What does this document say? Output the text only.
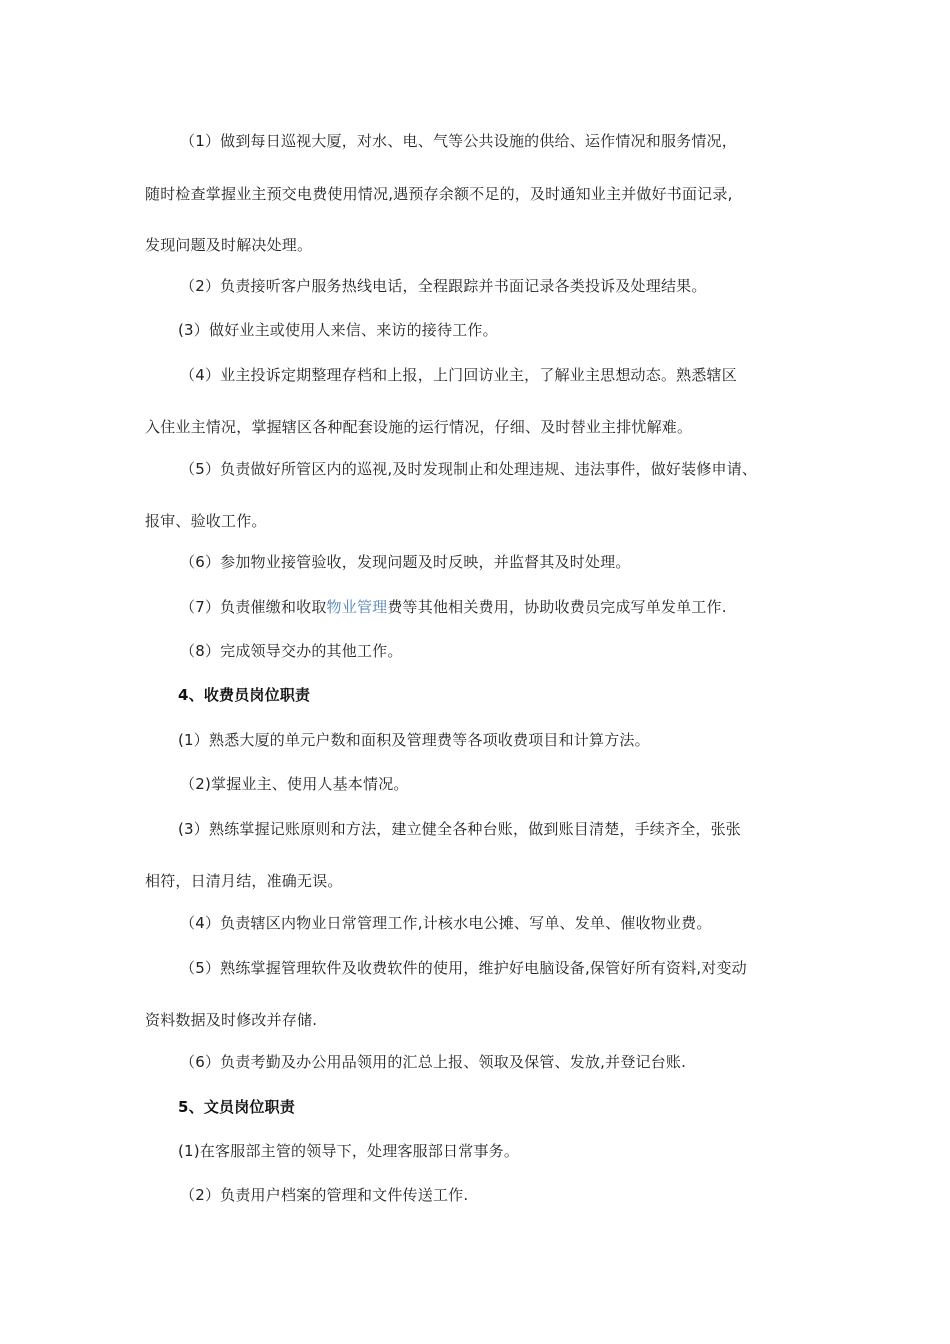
（1）做到每日巡视大厦，对水、电、气等公共设施的供给、运作情况和服务情况，
随时检查掌握业主预交电费使用情况,遇预存余额不足的，及时通知业主并做好书面记录,
发现问题及时解决处理。
（2）负责接听客户服务热线电话，全程跟踪并书面记录各类投诉及处理结果。
(3）做好业主或使用人来信、来访的接待工作。
（4）业主投诉定期整理存档和上报，上门回访业主，了解业主思想动态。熟悉辖区
入住业主情况，掌握辖区各种配套设施的运行情况，仔细、及时替业主排忧解难。
（5）负责做好所管区内的巡视,及时发现制止和处理违规、违法事件，做好装修申请、
报审、验收工作。
（6）参加物业接管验收，发现问题及时反映，并监督其及时处理。
（7）负责催缴和收取物业管理费等其他相关费用，协助收费员完成写单发单工作.
（8）完成领导交办的其他工作。
4、收费员岗位职责
(1）熟悉大厦的单元户数和面积及管理费等各项收费项目和计算方法。
（2)掌握业主、使用人基本情况。
(3）熟练掌握记账原则和方法，建立健全各种台账，做到账目清楚，手续齐全，张张
相符，日清月结，准确无误。
（4）负责辖区内物业日常管理工作,计核水电公摊、写单、发单、催收物业费。
（5）熟练掌握管理软件及收费软件的使用，维护好电脑设备,保管好所有资料,对变动
资料数据及时修改并存储.
（6）负责考勤及办公用品领用的汇总上报、领取及保管、发放,并登记台账.
5、文员岗位职责
(1)在客服部主管的领导下，处理客服部日常事务。
（2）负责用户档案的管理和文件传送工作.
